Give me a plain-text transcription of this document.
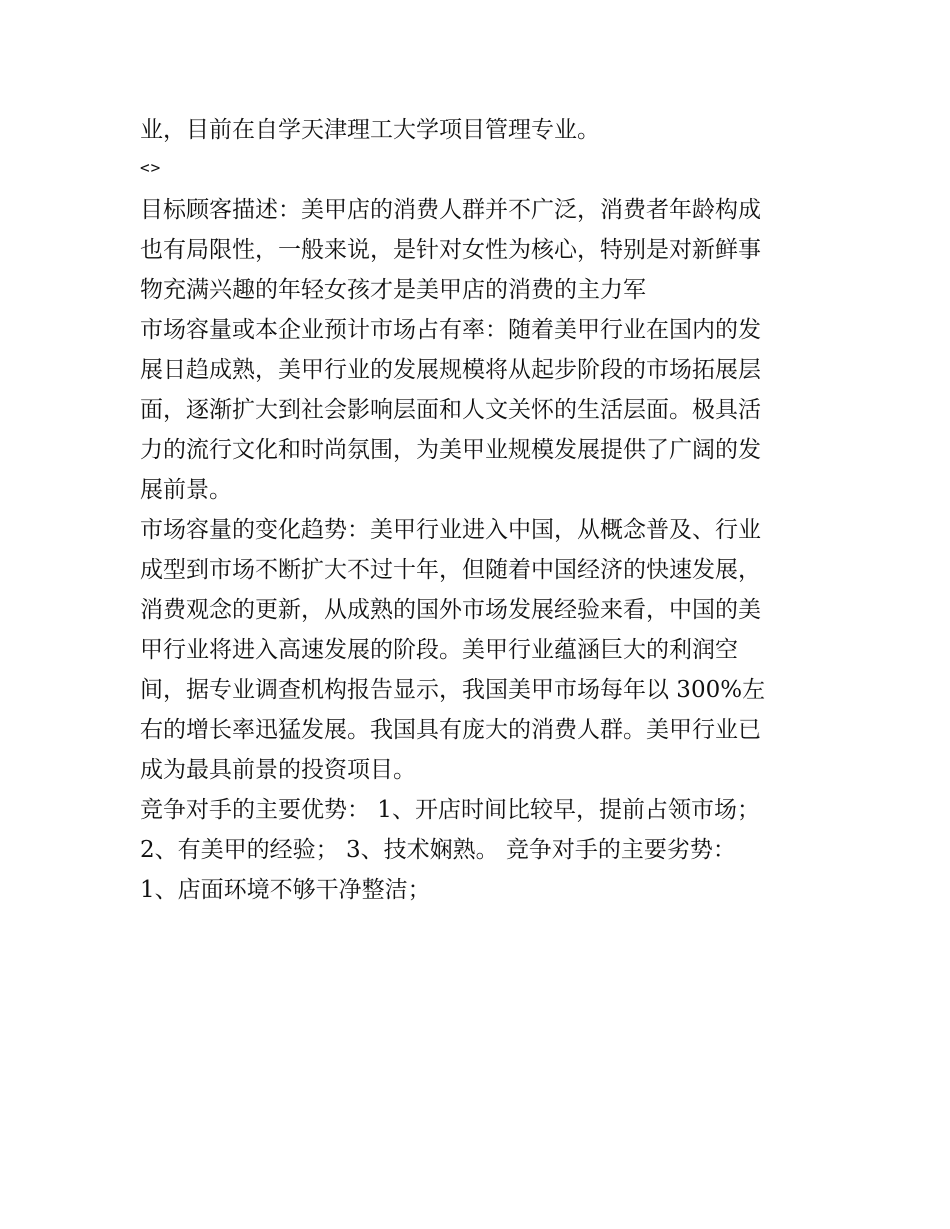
业，目前在自学天津理工大学项目管理专业。
<>
目标顾客描述：美甲店的消费人群并不广泛，消费者年龄构成
也有局限性，一般来说，是针对女性为核心，特别是对新鲜事
物充满兴趣的年轻女孩才是美甲店的消费的主力军
市场容量或本企业预计市场占有率：随着美甲行业在国内的发
展日趋成熟，美甲行业的发展规模将从起步阶段的市场拓展层
面，逐渐扩大到社会影响层面和人文关怀的生活层面。极具活
力的流行文化和时尚氛围，为美甲业规模发展提供了广阔的发
展前景。
市场容量的变化趋势：美甲行业进入中国，从概念普及、行业
成型到市场不断扩大不过十年，但随着中国经济的快速发展，
消费观念的更新，从成熟的国外市场发展经验来看，中国的美
甲行业将进入高速发展的阶段。美甲行业蕴涵巨大的利润空
间，据专业调查机构报告显示，我国美甲市场每年以 300%左
右的增长率迅猛发展。我国具有庞大的消费人群。美甲行业已
成为最具前景的投资项目。
竞争对手的主要优势： 1、开店时间比较早，提前占领市场；
2、有美甲的经验； 3、技术娴熟。 竞争对手的主要劣势：
1、店面环境不够干净整洁；
